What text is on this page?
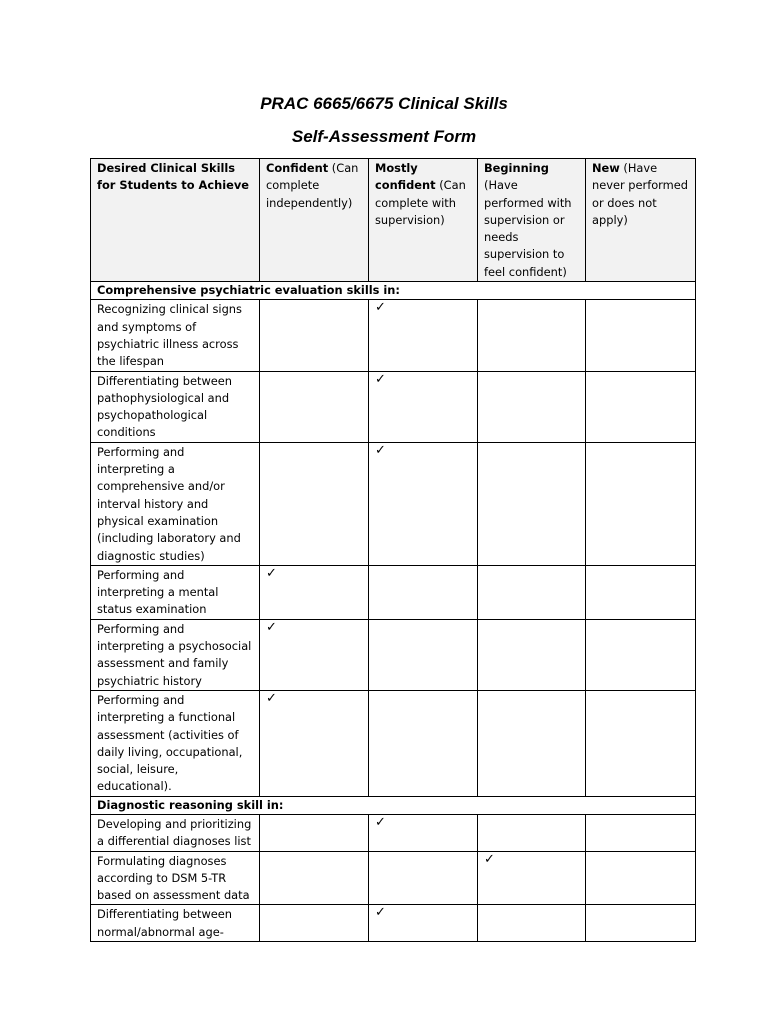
PRAC 6665/6675 Clinical Skills
Self-Assessment Form
Desired Clinical Skills for Students to Achieve	Confident (Can complete independently)	Mostly confident (Can complete with supervision)	Beginning (Have performed with supervision or needs supervision to feel confident)	New (Have never performed or does not apply)
Comprehensive psychiatric evaluation skills in:				
Recognizing clinical signs and symptoms of psychiatric illness across the lifespan		✓		
Differentiating between pathophysiological and psychopathological conditions		✓		
Performing and interpreting a comprehensive and/or interval history and physical examination (including laboratory and diagnostic studies)		✓		
Performing and interpreting a mental status examination	✓			
Performing and interpreting a psychosocial assessment and family psychiatric history	✓			
Performing and interpreting a functional assessment (activities of daily living, occupational, social, leisure, educational).	✓			
Diagnostic reasoning skill in:				
Developing and prioritizing a differential diagnoses list		✓		
Formulating diagnoses according to DSM 5-TR based on assessment data			✓	
Differentiating between normal/abnormal age-		✓		
